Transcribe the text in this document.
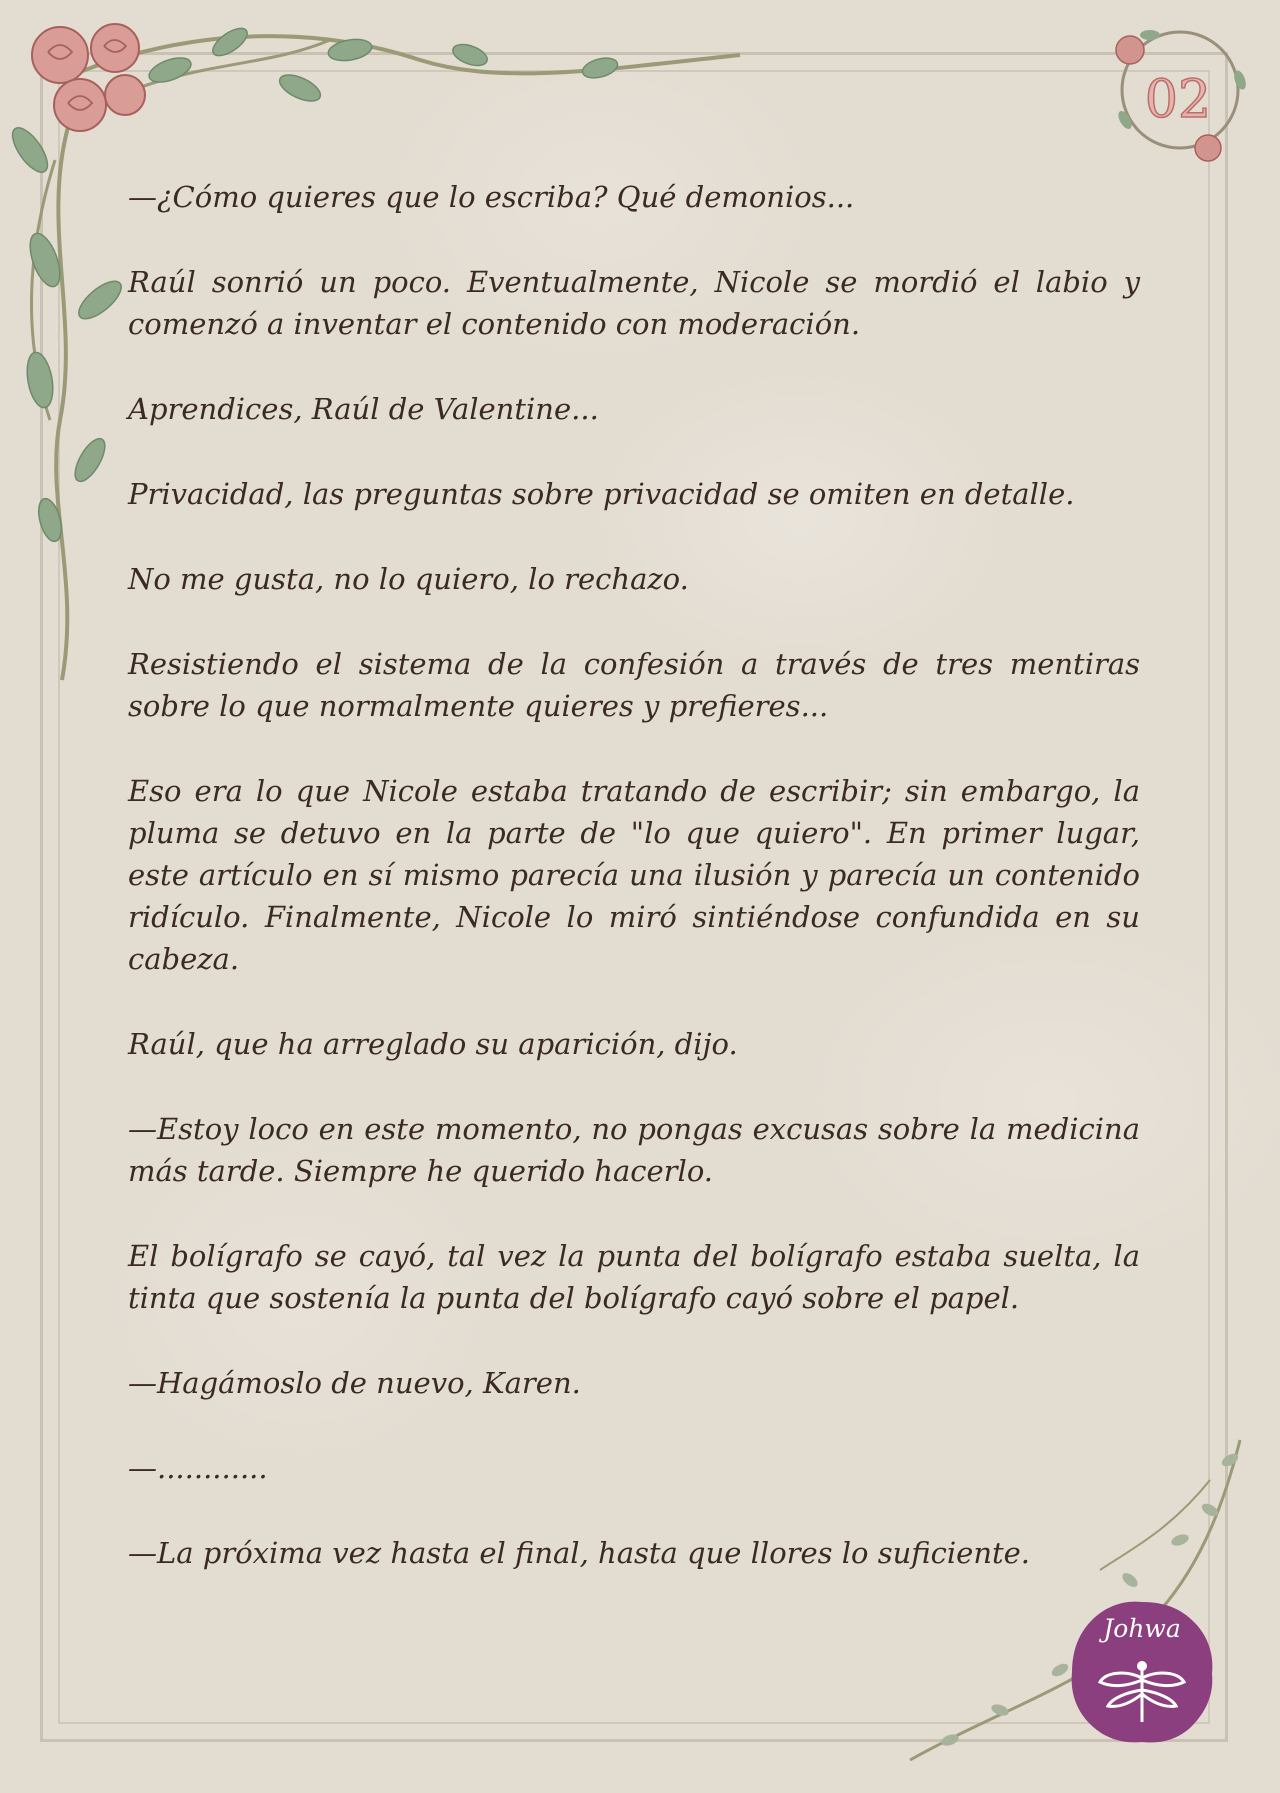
02
Johwa

—¿Cómo quieres que lo escriba? Qué demonios...

Raúl sonrió un poco. Eventualmente, Nicole se mordió el labio y comenzó a inventar el contenido con moderación.

Aprendices, Raúl de Valentine...

Privacidad, las preguntas sobre privacidad se omiten en detalle.

No me gusta, no lo quiero, lo rechazo.

Resistiendo el sistema de la confesión a través de tres mentiras sobre lo que normalmente quieres y prefieres...

Eso era lo que Nicole estaba tratando de escribir; sin embargo, la pluma se detuvo en la parte de "lo que quiero". En primer lugar, este artículo en sí mismo parecía una ilusión y parecía un contenido ridículo. Finalmente, Nicole lo miró sintiéndose confundida en su cabeza.

Raúl, que ha arreglado su aparición, dijo.

—Estoy loco en este momento, no pongas excusas sobre la medicina más tarde. Siempre he querido hacerlo.

El bolígrafo se cayó, tal vez la punta del bolígrafo estaba suelta, la tinta que sostenía la punta del bolígrafo cayó sobre el papel.

—Hagámoslo de nuevo, Karen.

—............

—La próxima vez hasta el final, hasta que llores lo suficiente.
